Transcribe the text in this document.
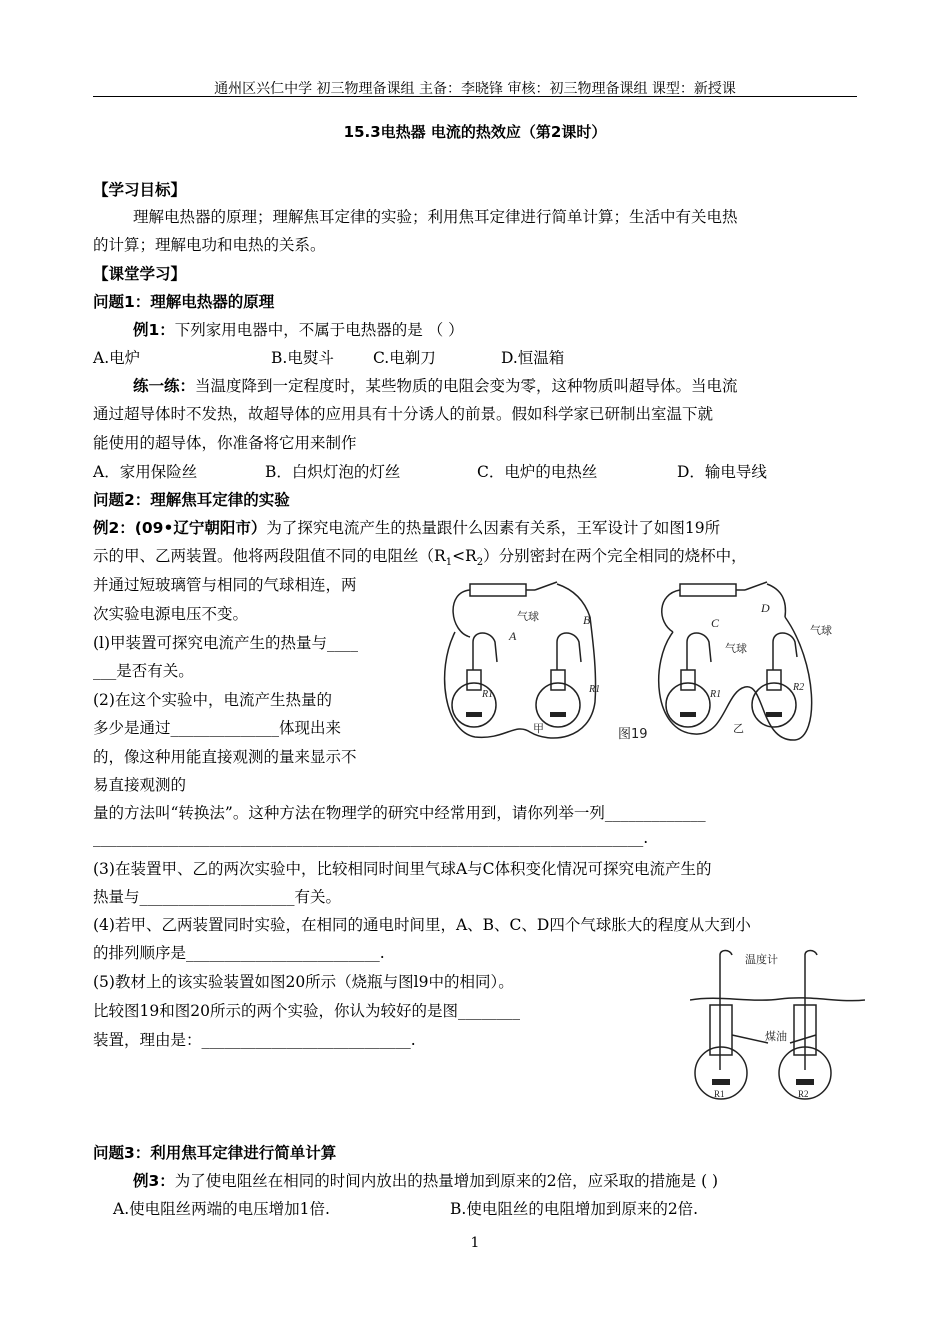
通州区兴仁中学 初三物理备课组 主备：李晓锋 审核：初三物理备课组 课型：新授课
15.3电热器 电流的热效应（第2课时）
【学习目标】
理解电热器的原理；理解焦耳定律的实验；利用焦耳定律进行简单计算；生活中有关电热
的计算；理解电功和电热的关系。
【课堂学习】
问题1：理解电热器的原理
例1：下列家用电器中，不属于电热器的是 （ ）
A.电炉	B.电熨斗	C.电剃刀	D.恒温箱
练一练：当温度降到一定程度时，某些物质的电阻会变为零，这种物质叫超导体。当电流
通过超导体时不发热，故超导体的应用具有十分诱人的前景。假如科学家已研制出室温下就
能使用的超导体，你准备将它用来制作
A．家用保险丝	B．白炽灯泡的灯丝	C．电炉的电热丝	D．输电导线
问题2：理解焦耳定律的实验
例2：(09•辽宁朝阳市）为了探究电流产生的热量跟什么因素有关系，王军设计了如图19所
示的甲、乙两装置。他将两段阻值不同的电阻丝$(R_1<R_2)$分别密封在两个完全相同的烧杯中，
并通过短玻璃管与相同的气球相连，两
次实验电源电压不变。
(l)甲装置可探究电流产生的热量与____
___是否有关。
(2)在这个实验中，电流产生热量的
多少是通过______________体现出来
的，像这种用能直接观测的量来显示不
易直接观测的
量的方法叫“转换法”。这种方法在物理学的研究中经常用到，请你列举一列_____________
_______________________________________________________________________.
(3)在装置甲、乙的两次实验中，比较相同时间里气球A与C体积变化情况可探究电流产生的
热量与____________________有关。
(4)若甲、乙两装置同时实验，在相同的通电时间里，A、B、C、D四个气球胀大的程度从大到小
的排列顺序是_________________________.
(5)教材上的该实验装置如图20所示（烧瓶与图l9中的相同）。
比较图19和图20所示的两个实验，你认为较好的是图________
装置，理由是：___________________________.
A
B	C
D
R1	R1	R1
R2
气球
气球
气球
甲	乙
图19
温度计
煤油
R1	R2
问题3：利用焦耳定律进行简单计算
例3：为了使电阻丝在相同的时间内放出的热量增加到原来的2倍，应采取的措施是 ( )
A.使电阻丝两端的电压增加1倍.	B.使电阻丝的电阻增加到原来的2倍.
1
